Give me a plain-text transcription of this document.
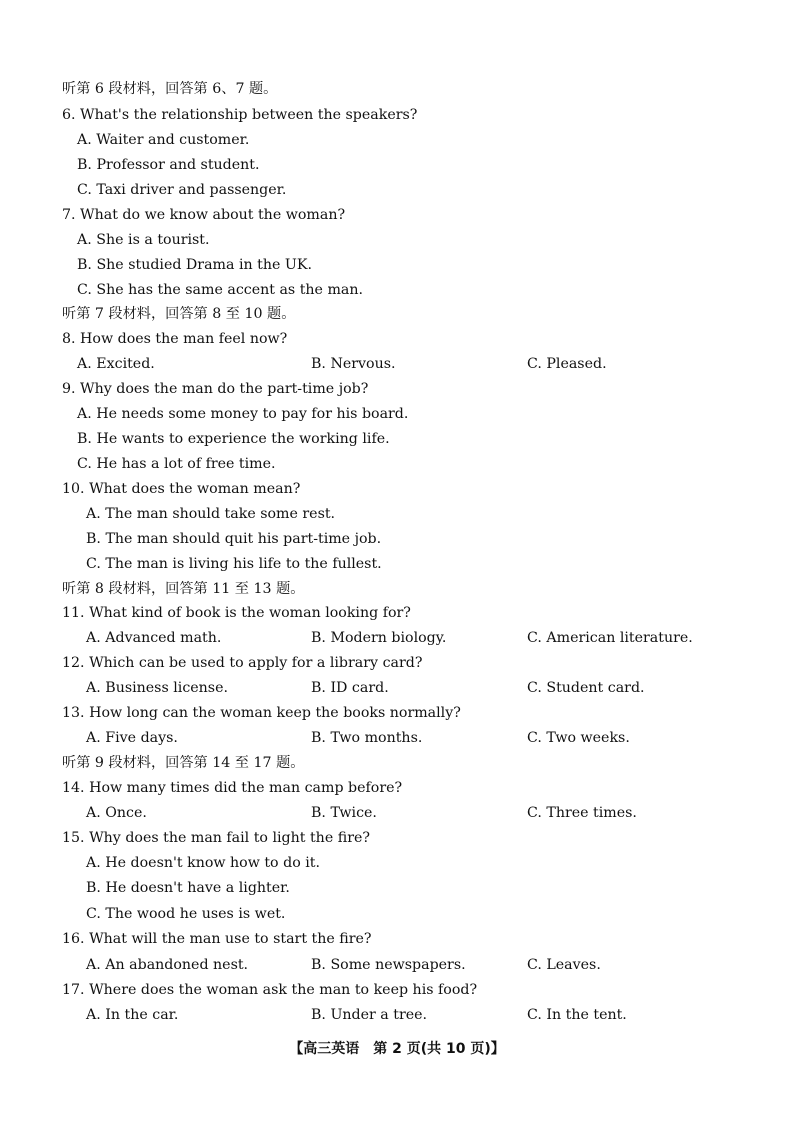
听第 6 段材料，回答第 6、7 题。
6. What's the relationship between the speakers?
A. Waiter and customer.
B. Professor and student.
C. Taxi driver and passenger.
7. What do we know about the woman?
A. She is a tourist.
B. She studied Drama in the UK.
C. She has the same accent as the man.
听第 7 段材料，回答第 8 至 10 题。
8. How does the man feel now?
A. Excited.	B. Nervous.	C. Pleased.
9. Why does the man do the part-time job?
A. He needs some money to pay for his board.
B. He wants to experience the working life.
C. He has a lot of free time.
10. What does the woman mean?
A. The man should take some rest.
B. The man should quit his part-time job.
C. The man is living his life to the fullest.
听第 8 段材料，回答第 11 至 13 题。
11. What kind of book is the woman looking for?
A. Advanced math.	B. Modern biology.	C. American literature.
12. Which can be used to apply for a library card?
A. Business license.	B. ID card.	C. Student card.
13. How long can the woman keep the books normally?
A. Five days.	B. Two months.	C. Two weeks.
听第 9 段材料，回答第 14 至 17 题。
14. How many times did the man camp before?
A. Once.	B. Twice.	C. Three times.
15. Why does the man fail to light the fire?
A. He doesn't know how to do it.
B. He doesn't have a lighter.
C. The wood he uses is wet.
16. What will the man use to start the fire?
A. An abandoned nest.	B. Some newspapers.	C. Leaves.
17. Where does the woman ask the man to keep his food?
A. In the car.	B. Under a tree.	C. In the tent.
【高三英语　第 2 页(共 10 页)】
